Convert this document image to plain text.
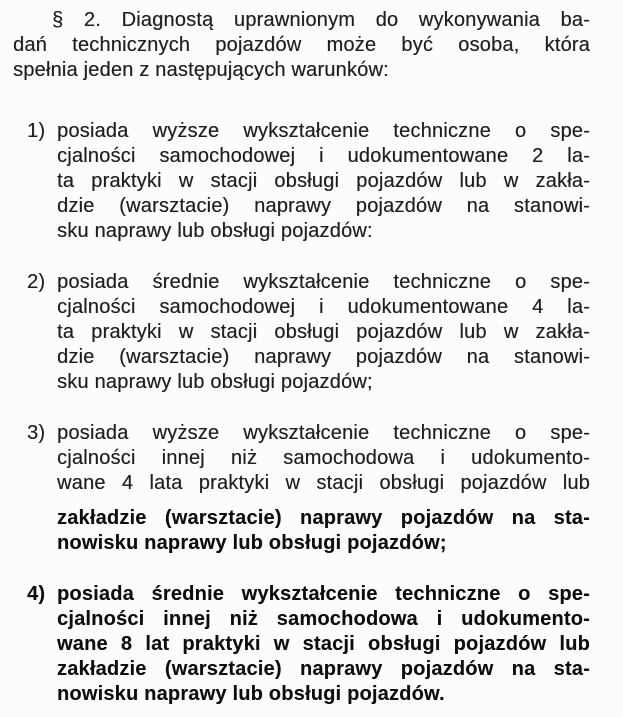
§ 2. Diagnostą uprawnionym do wykonywania ba-
dań technicznych pojazdów może być osoba, która
spełnia jeden z następujących warunków:
1) posiada wyższe wykształcenie techniczne o spe-
cjalności samochodowej i udokumentowane 2 la-
ta praktyki w stacji obsługi pojazdów lub w zakła-
dzie (warsztacie) naprawy pojazdów na stanowi-
sku naprawy lub obsługi pojazdów:
2) posiada średnie wykształcenie techniczne o spe-
cjalności samochodowej i udokumentowane 4 la-
ta praktyki w stacji obsługi pojazdów lub w zakła-
dzie (warsztacie) naprawy pojazdów na stanowi-
sku naprawy lub obsługi pojazdów;
3) posiada wyższe wykształcenie techniczne o spe-
cjalności innej niż samochodowa i udokumento-
wane 4 lata praktyki w stacji obsługi pojazdów lub
zakładzie (warsztacie) naprawy pojazdów na sta-
nowisku naprawy lub obsługi pojazdów;
4) posiada średnie wykształcenie techniczne o spe-
cjalności innej niż samochodowa i udokumento-
wane 8 lat praktyki w stacji obsługi pojazdów lub
zakładzie (warsztacie) naprawy pojazdów na sta-
nowisku naprawy lub obsługi pojazdów.
